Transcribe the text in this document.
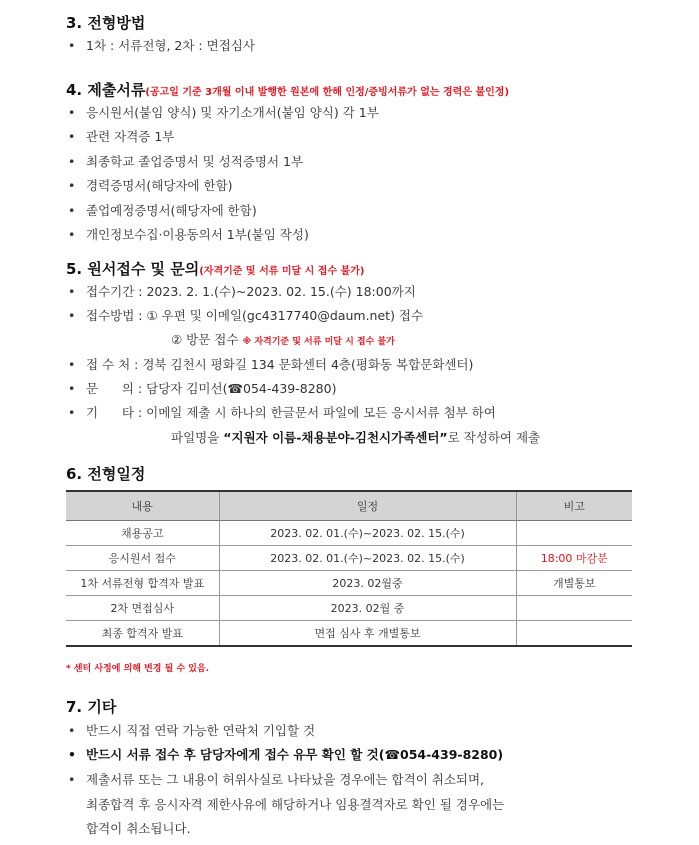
3. 전형방법
• 1차 : 서류전형, 2차 : 면접심사
4. 제출서류(공고일 기준 3개월 이내 발행한 원본에 한해 인정/증빙서류가 없는 경력은 불인정)
• 응시원서(붙임 양식) 및 자기소개서(붙임 양식) 각 1부
• 관련 자격증 1부
• 최종학교 졸업증명서 및 성적증명서 1부
• 경력증명서(해당자에 한함)
• 졸업예정증명서(해당자에 한함)
• 개인정보수집·이용동의서 1부(붙임 작성)
5. 원서접수 및 문의(자격기준 및 서류 미달 시 접수 불가)
• 접수기간 : 2023. 2. 1.(수)~2023. 02. 15.(수) 18:00까지
• 접수방법 : ① 우편 및 이메일(gc4317740@daum.net) 접수
② 방문 접수 ※ 자격기준 및 서류 미달 시 접수 불가
• 접 수 처 : 경북 김천시 평화길 134 문화센터 4층(평화동 복합문화센터)
• 문      의 : 담당자 김미선(☎054-439-8280)
• 기      타 : 이메일 제출 시 하나의 한글문서 파일에 모든 응시서류 첨부 하여
파일명을 “지원자 이름-채용분야-김천시가족센터”로 작성하여 제출
6. 전형일정
내용	일정	비고
채용공고	2023. 02. 01.(수)~2023. 02. 15.(수)	
응시원서 접수	2023. 02. 01.(수)~2023. 02. 15.(수)	18:00 마감분
1차 서류전형 합격자 발표	2023. 02월중	개별통보
2차 면접심사	2023. 02월 중	
최종 합격자 발표	면접 심사 후 개별통보	
* 센터 사정에 의해 변경 될 수 있음.
7. 기타
• 반드시 직접 연락 가능한 연락처 기입할 것
• 반드시 서류 접수 후 담당자에게 접수 유무 확인 할 것(☎054-439-8280)
• 제출서류 또는 그 내용이 허위사실로 나타났을 경우에는 합격이 취소되며,
최종합격 후 응시자격 제한사유에 해당하거나 임용결격자로 확인 될 경우에는
합격이 취소됩니다.
